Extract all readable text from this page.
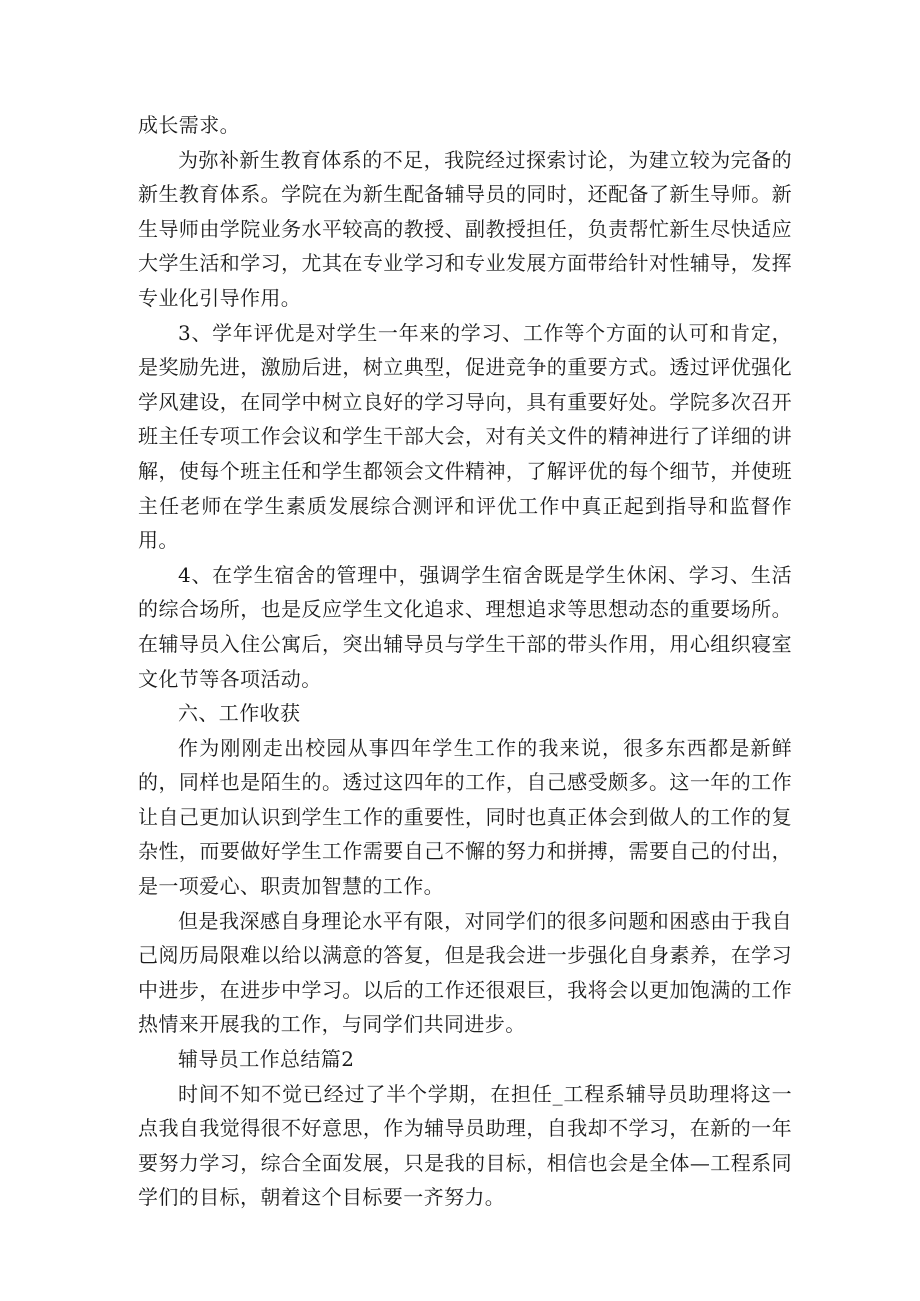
成长需求。

为弥补新生教育体系的不足，我院经过探索讨论，为建立较为完备的新生教育体系。学院在为新生配备辅导员的同时，还配备了新生导师。新生导师由学院业务水平较高的教授、副教授担任，负责帮忙新生尽快适应大学生活和学习，尤其在专业学习和专业发展方面带给针对性辅导，发挥专业化引导作用。

3、学年评优是对学生一年来的学习、工作等个方面的认可和肯定，是奖励先进，激励后进，树立典型，促进竞争的重要方式。透过评优强化学风建设，在同学中树立良好的学习导向，具有重要好处。学院多次召开班主任专项工作会议和学生干部大会，对有关文件的精神进行了详细的讲解，使每个班主任和学生都领会文件精神，了解评优的每个细节，并使班主任老师在学生素质发展综合测评和评优工作中真正起到指导和监督作用。

4、在学生宿舍的管理中，强调学生宿舍既是学生休闲、学习、生活的综合场所，也是反应学生文化追求、理想追求等思想动态的重要场所。在辅导员入住公寓后，突出辅导员与学生干部的带头作用，用心组织寝室文化节等各项活动。

六、工作收获

作为刚刚走出校园从事四年学生工作的我来说，很多东西都是新鲜的，同样也是陌生的。透过这四年的工作，自己感受颇多。这一年的工作让自己更加认识到学生工作的重要性，同时也真正体会到做人的工作的复杂性，而要做好学生工作需要自己不懈的努力和拼搏，需要自己的付出，是一项爱心、职责加智慧的工作。

但是我深感自身理论水平有限，对同学们的很多问题和困惑由于我自己阅历局限难以给以满意的答复，但是我会进一步强化自身素养，在学习中进步，在进步中学习。以后的工作还很艰巨，我将会以更加饱满的工作热情来开展我的工作，与同学们共同进步。

辅导员工作总结篇2

时间不知不觉已经过了半个学期，在担任_工程系辅导员助理将这一点我自我觉得很不好意思，作为辅导员助理，自我却不学习，在新的一年要努力学习，综合全面发展，只是我的目标，相信也会是全体—工程系同学们的目标，朝着这个目标要一齐努力。
